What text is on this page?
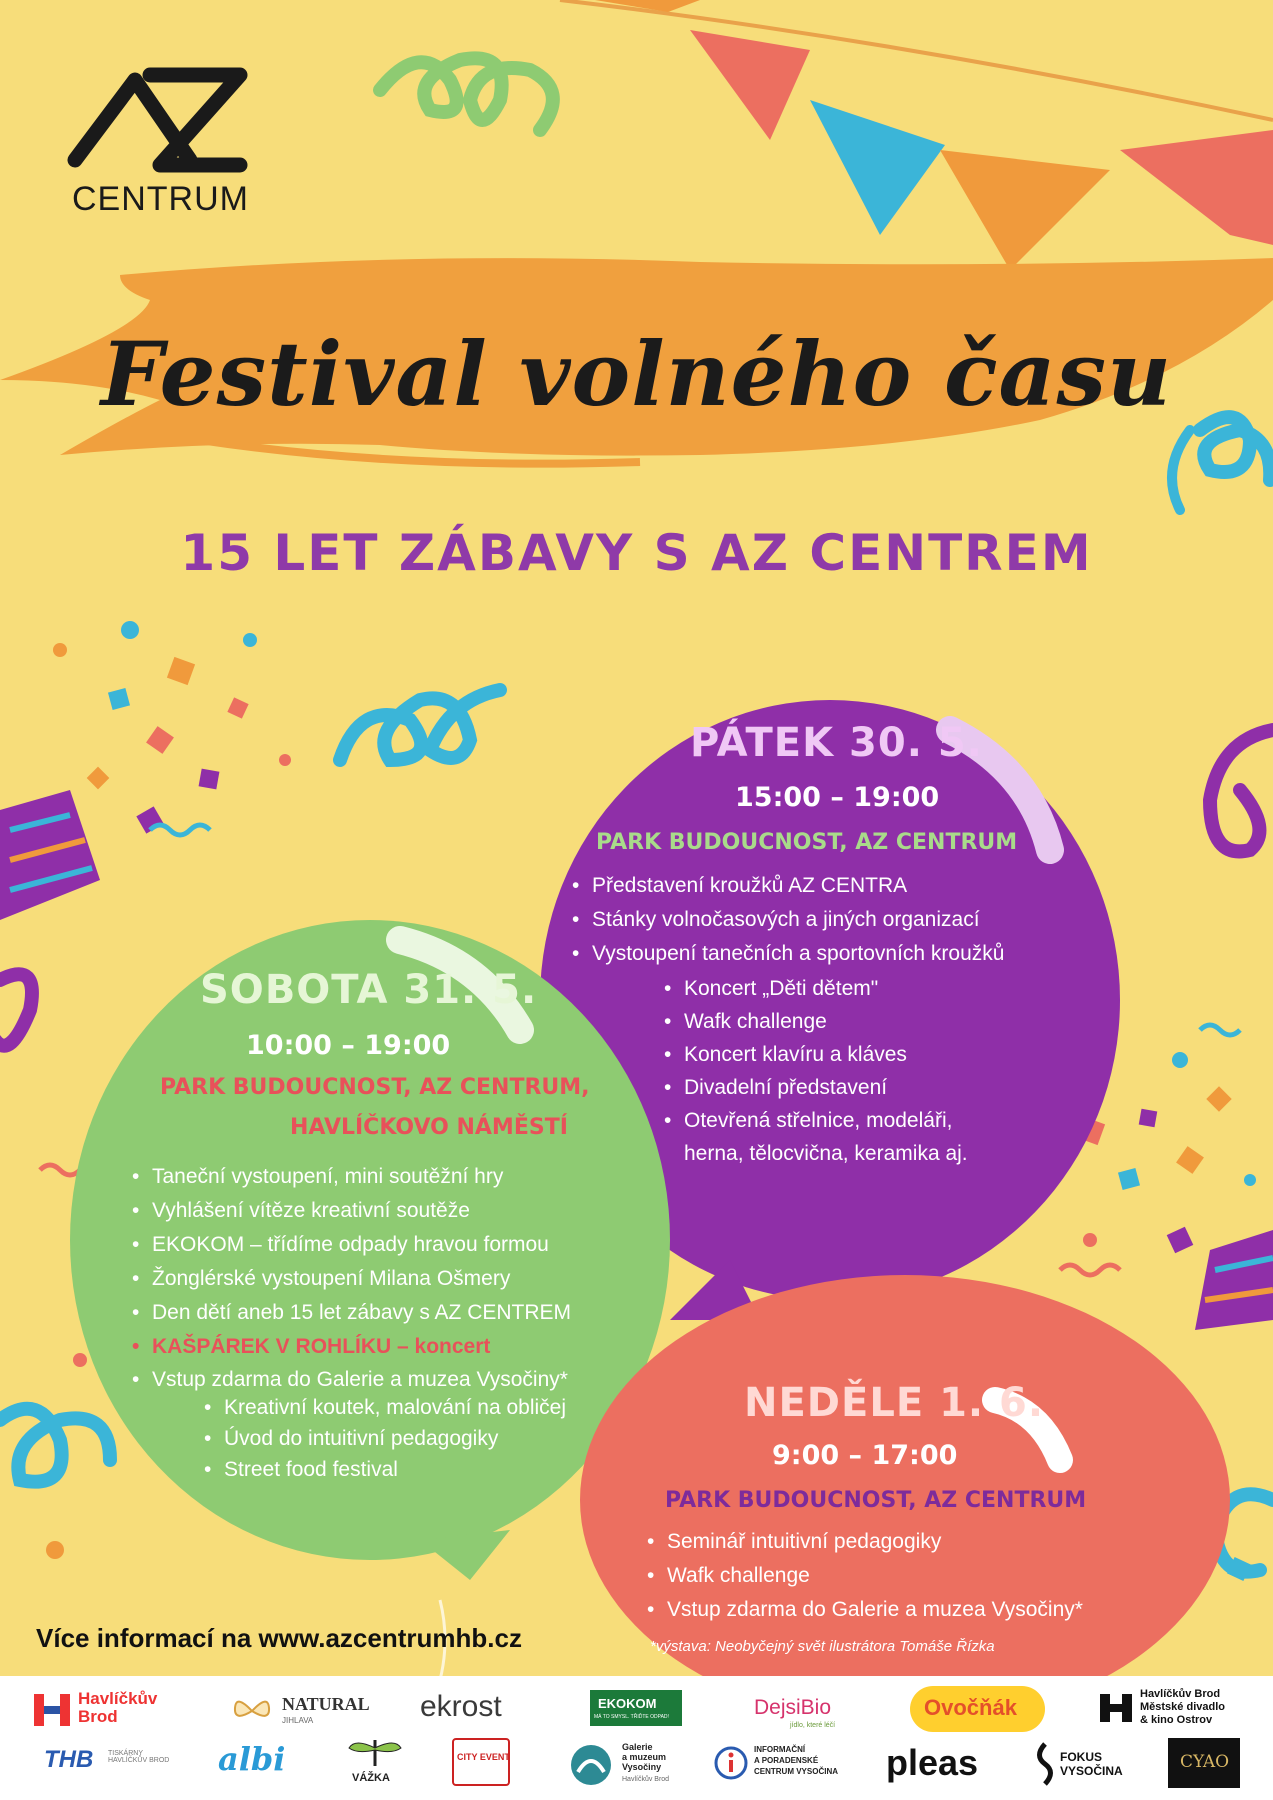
CENTRUM
Festival volného času
15 LET ZÁBAVY S AZ CENTREM
PÁTEK 30. 5.
15:00 – 19:00
PARK BUDOUCNOST, AZ CENTRUM
• Představení kroužků AZ CENTRA
• Stánky volnočasových a jiných organizací
• Vystoupení tanečních a sportovních kroužků
• Koncert „Děti dětem"
• Wafk challenge
• Koncert klavíru a kláves
• Divadelní představení
• Otevřená střelnice, modeláři,
herna, tělocvična, keramika aj.
SOBOTA 31. 5.
10:00 – 19:00
PARK BUDOUCNOST, AZ CENTRUM,
HAVLÍČKOVO NÁMĚSTÍ
• Taneční vystoupení, mini soutěžní hry
• Vyhlášení vítěze kreativní soutěže
• EKOKOM – třídíme odpady hravou formou
• Žonglérské vystoupení Milana Ošmery
• Den dětí aneb 15 let zábavy s AZ CENTREM
• KAŠPÁREK V ROHLÍKU – koncert
• Vstup zdarma do Galerie a muzea Vysočiny*
• Kreativní koutek, malování na obličej
• Úvod do intuitivní pedagogiky
• Street food festival
NEDĚLE 1. 6.
9:00 – 17:00
PARK BUDOUCNOST, AZ CENTRUM
• Seminář intuitivní pedagogiky
• Wafk challenge
• Vstup zdarma do Galerie a muzea Vysočiny*
Více informací na www.azcentrumhb.cz	*výstava: Neobyčejný svět ilustrátora Tomáše Řízka
Havlíčkův Brod
NATURAL
JIHLAVA	ekrost	EKOKOM
MÁ TO SMYSL. TŘIĎTE ODPAD!	DejsiBio
jídlo, které léčí
Ovočňák
Havlíčkův Brod
Městské divadlo
& kino Ostrov
THB TISKÁRNY HAVLÍČKŮV BROD albi	VÁŽKA
CITY EVENT
Galerie
a muzeum
Vysočiny
Havlíčkův Brod
INFORMAČNÍ
A PORADENSKÉ
CENTRUM VYSOČINA pleas	FOKUS
VYSOČINA	CYAO
